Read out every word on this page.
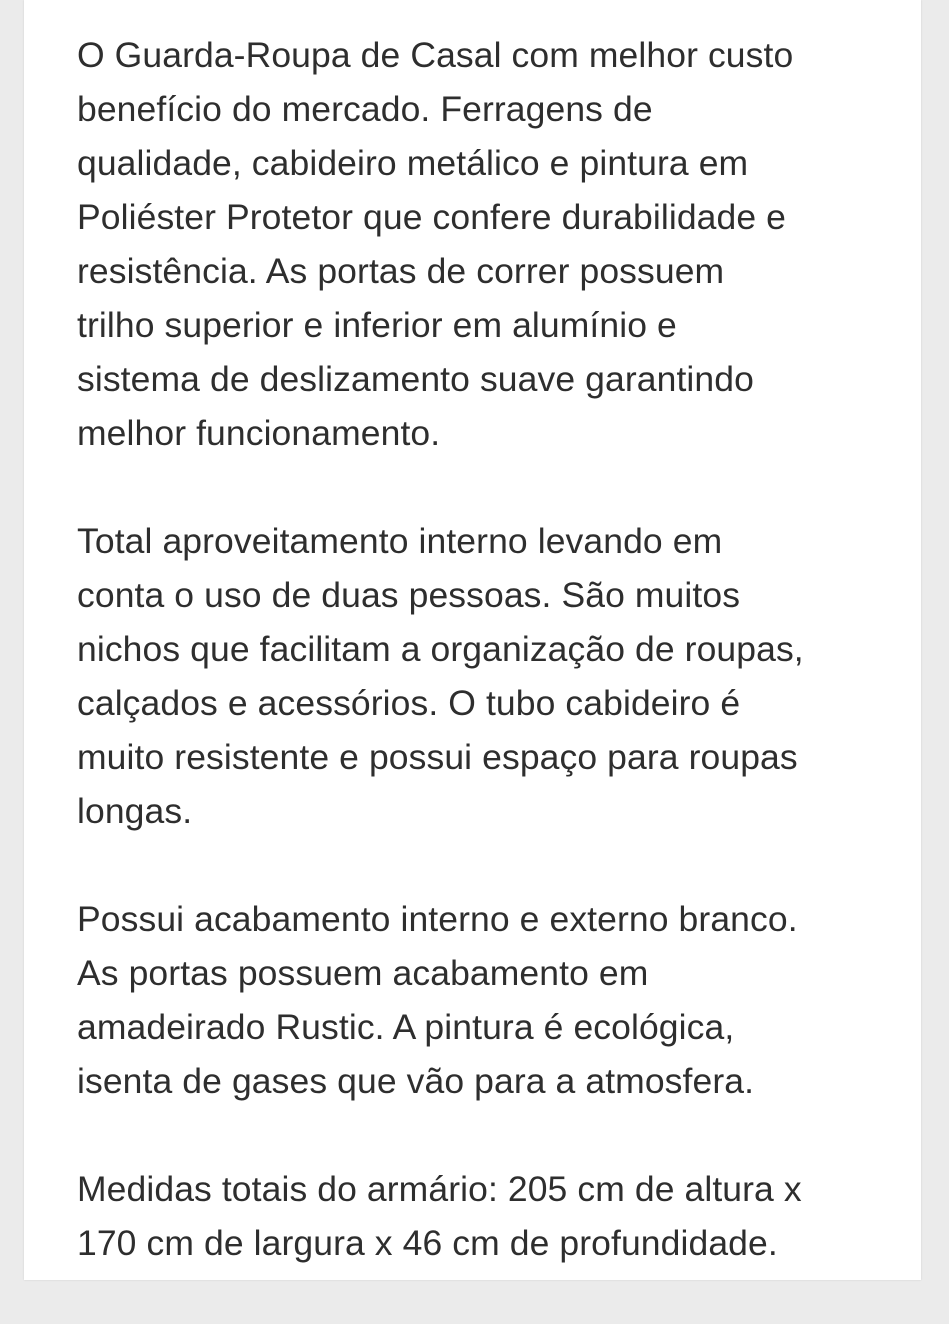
O Guarda-Roupa de Casal com melhor custo
benefício do mercado. Ferragens de
qualidade, cabideiro metálico e pintura em
Poliéster Protetor que confere durabilidade e
resistência. As portas de correr possuem
trilho superior e inferior em alumínio e
sistema de deslizamento suave garantindo
melhor funcionamento.

Total aproveitamento interno levando em
conta o uso de duas pessoas. São muitos
nichos que facilitam a organização de roupas,
calçados e acessórios. O tubo cabideiro é
muito resistente e possui espaço para roupas
longas.

Possui acabamento interno e externo branco.
As portas possuem acabamento em
amadeirado Rustic. A pintura é ecológica,
isenta de gases que vão para a atmosfera.

Medidas totais do armário: 205 cm de altura x
170 cm de largura x 46 cm de profundidade.
